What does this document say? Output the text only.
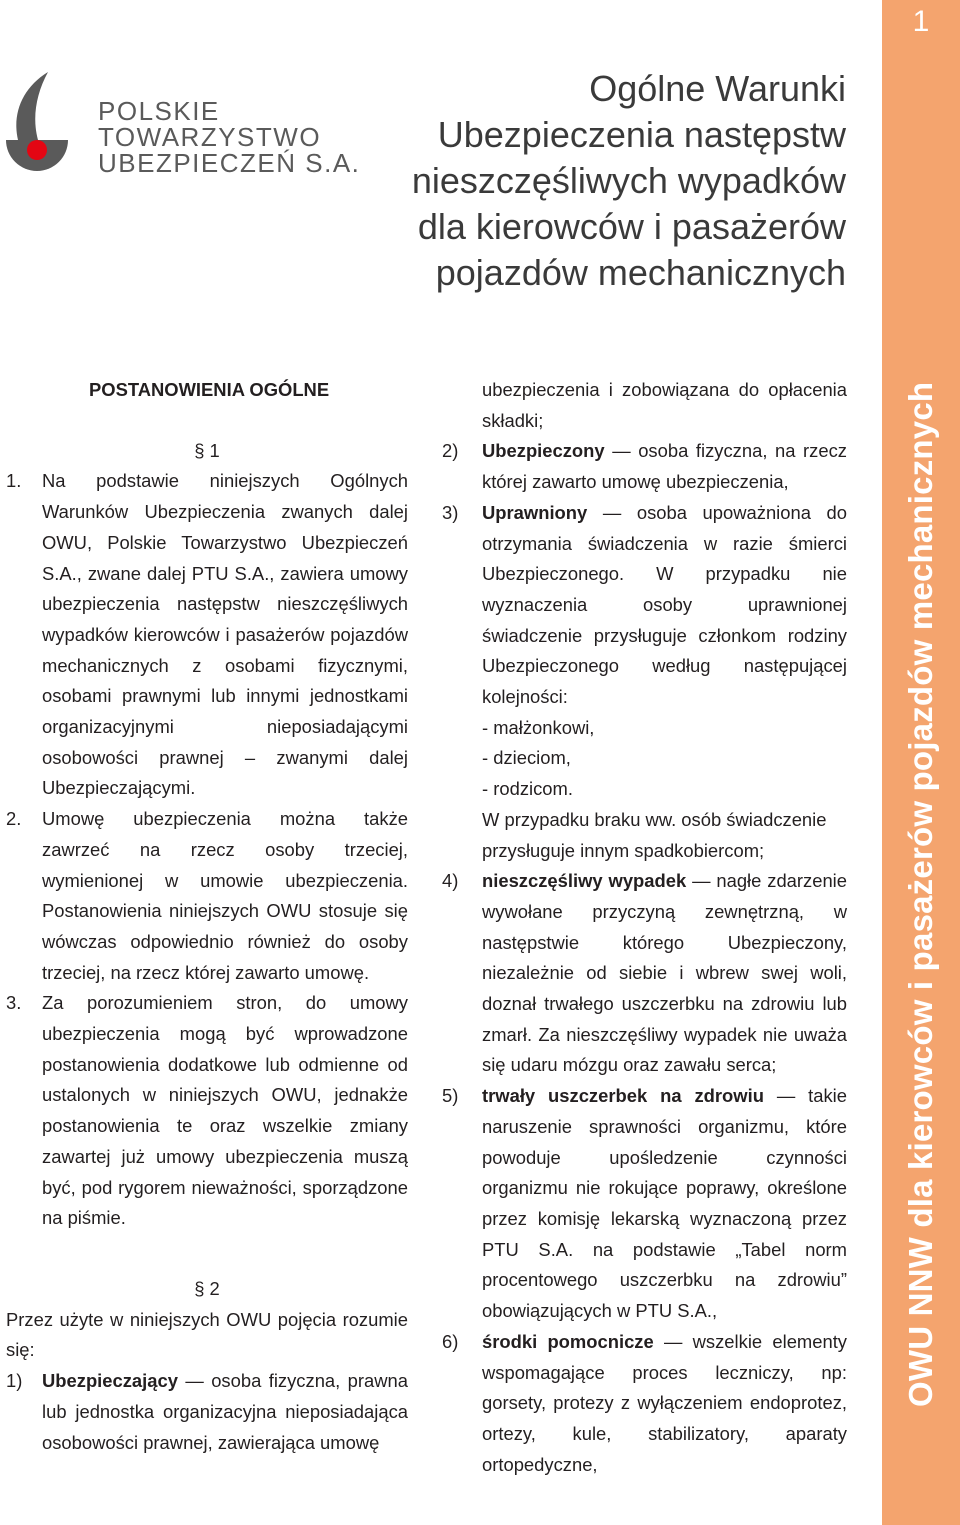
POLSKIE
TOWARZYSTWO
UBEZPIECZEŃ S.A.
Ogólne Warunki
Ubezpieczenia następstw
nieszczęśliwych wypadków
dla kierowców i pasażerów
pojazdów mechanicznych
1
OWU NNW dla kierowców i pasażerów pojazdów mechanicznych
POSTANOWIENIA OGÓLNE
§ 1
1.	Na podstawie niniejszych Ogólnych Warunków Ubezpieczenia zwanych dalej OWU, Polskie Towarzystwo Ubezpieczeń S.A., zwane dalej PTU S.A., zawiera umowy ubezpieczenia następstw nieszczęśliwych wypadków kierowców i pasażerów pojazdów mechanicznych z osobami fizycznymi, osobami prawnymi lub innymi jednostkami organizacyjnymi nieposiadającymi osobowości prawnej – zwanymi dalej Ubezpieczającymi.
2.	Umowę ubezpieczenia można także zawrzeć na rzecz osoby trzeciej, wymienionej w umowie ubezpieczenia. Postanowienia niniejszych OWU stosuje się wówczas odpowiednio również do osoby trzeciej, na rzecz której zawarto umowę.
3.	Za porozumieniem stron, do umowy ubezpieczenia mogą być wprowadzone postanowienia dodatkowe lub odmienne od ustalonych w niniejszych OWU, jednakże postanowienia te oraz wszelkie zmiany zawartej już umowy ubezpieczenia muszą być, pod rygorem nieważności, sporządzone na piśmie.
§ 2
Przez użyte w niniejszych OWU pojęcia rozumie się:
1)	Ubezpieczający — osoba fizyczna, prawna lub jednostka organizacyjna nieposiadająca osobowości prawnej, zawierająca umowę
ubezpieczenia i zobowiązana do opłacenia składki;
2)	Ubezpieczony — osoba fizyczna, na rzecz której zawarto umowę ubezpieczenia,
3)	Uprawniony — osoba upoważniona do otrzymania świadczenia w razie śmierci Ubezpieczonego. W przypadku nie wyznaczenia osoby uprawnionej świadczenie przysługuje członkom rodziny Ubezpieczonego według następującej kolejności:
- małżonkowi,
- dzieciom,
- rodzicom.
W przypadku braku ww. osób świadczenie przysługuje innym spadkobiercom;
4)	nieszczęśliwy wypadek — nagłe zdarzenie wywołane przyczyną zewnętrzną, w następstwie którego Ubezpieczony, niezależnie od siebie i wbrew swej woli, doznał trwałego uszczerbku na zdrowiu lub zmarł. Za nieszczęśliwy wypadek nie uważa się udaru mózgu oraz zawału serca;
5)	trwały uszczerbek na zdrowiu — takie naruszenie sprawności organizmu, które powoduje upośledzenie czynności organizmu nie rokujące poprawy, określone przez komisję lekarską wyznaczoną przez PTU S.A. na podstawie „Tabel norm procentowego uszczerbku na zdrowiu” obowiązujących w PTU S.A.,
6)	środki pomocnicze — wszelkie elementy wspomagające proces leczniczy, np: gorsety, protezy z wyłączeniem endoprotez, ortezy, kule, stabilizatory, aparaty ortopedyczne,
